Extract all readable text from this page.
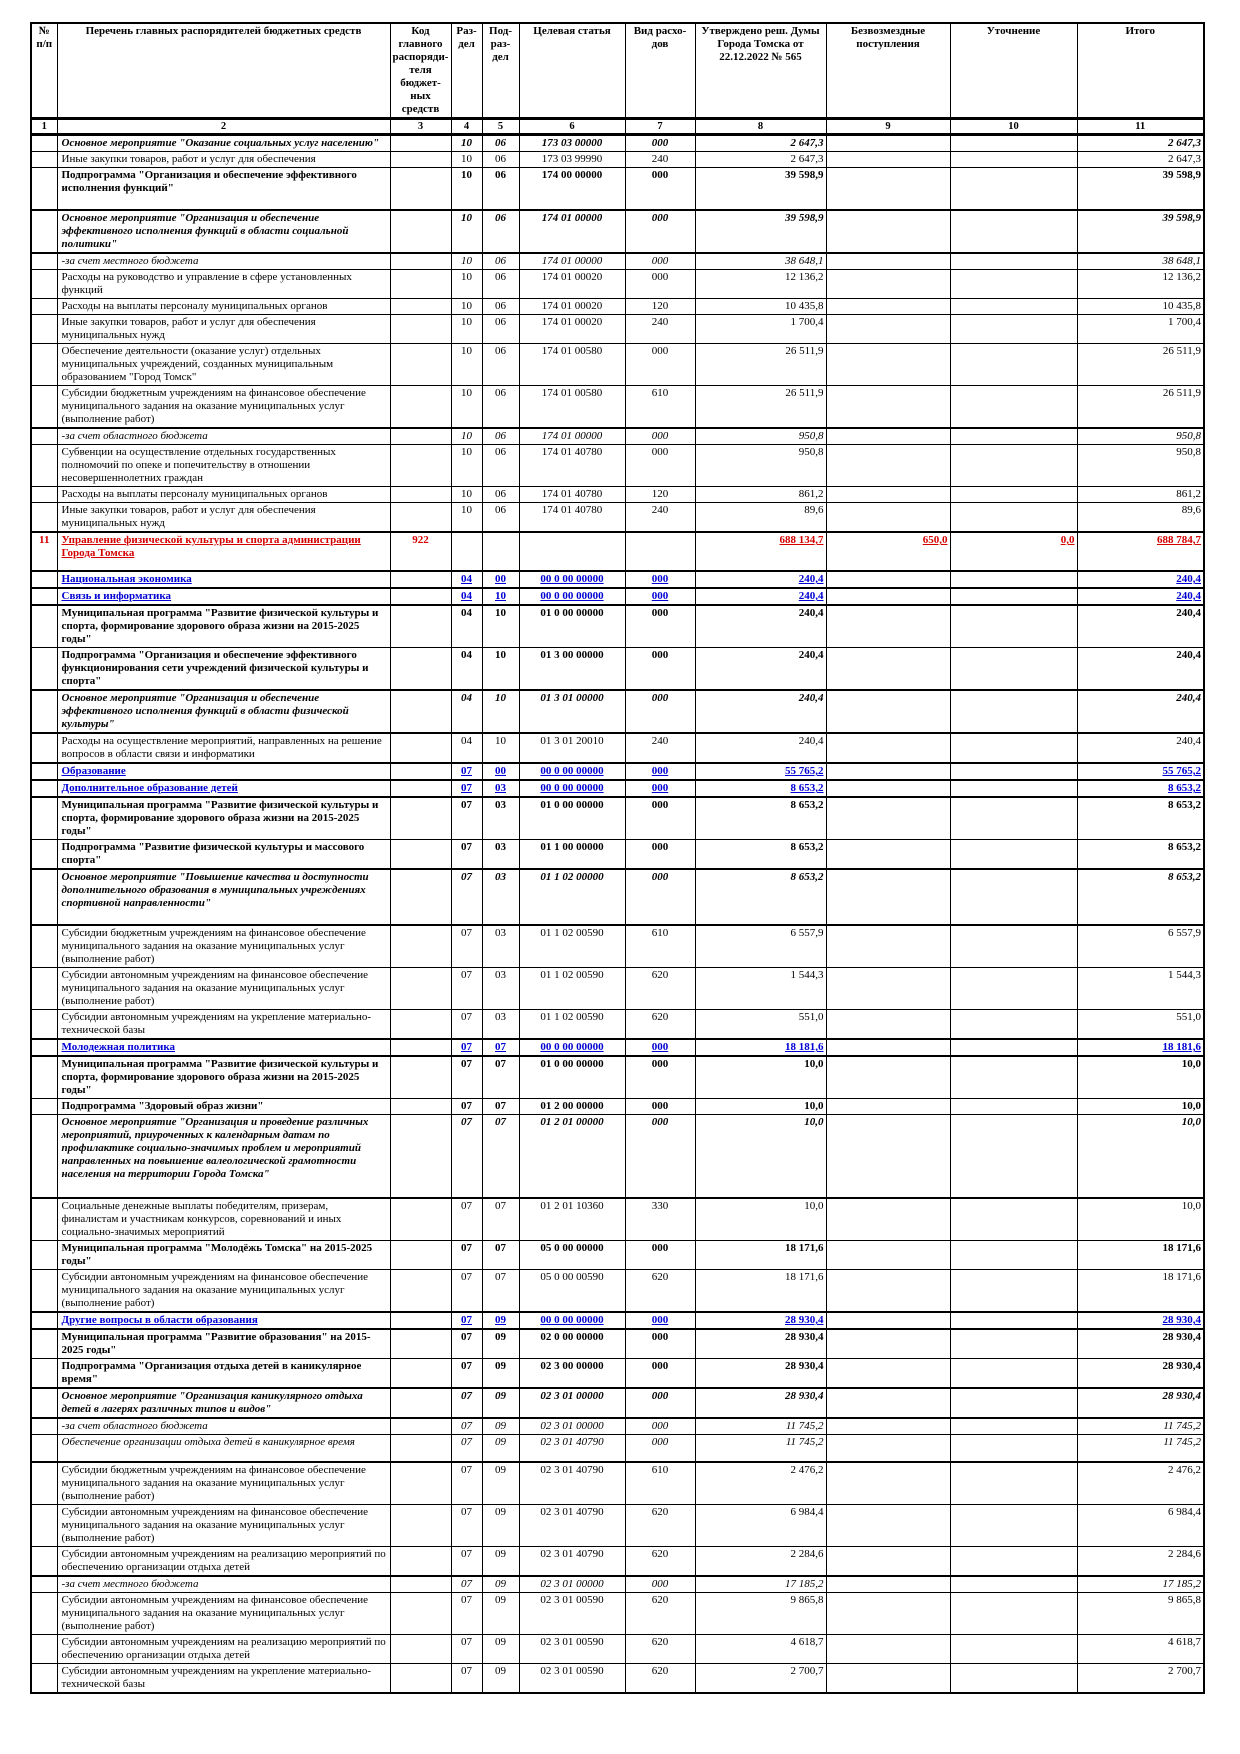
№ п/п	Перечень главных распорядителей бюджетных средств	Код главного распоряди-теля бюджет-ных средств	Раз-дел	Под-раз-дел	Целевая статья	Вид расхо-дов	Утверждено реш. Думы Города Томска от 22.12.2022 № 565	Безвозмездные поступления	Уточнение	Итого
1	2	3	4	5	6	7	8	9	10	11
	Основное мероприятие "Оказание социальных услуг населению"		10	06	173 03 00000	000	2 647,3			2 647,3
	Иные закупки товаров, работ и услуг для обеспечения		10	06	173 03 99990	240	2 647,3			2 647,3
	Подпрограмма "Организация и обеспечение эффективного исполнения функций"		10	06	174 00 00000	000	39 598,9			39 598,9
	Основное мероприятие "Организация и обеспечение эффективного исполнения функций в области социальной политики"		10	06	174 01 00000	000	39 598,9			39 598,9
	-за счет местного бюджета		10	06	174 01 00000	000	38 648,1			38 648,1
	Расходы на руководство и управление в сфере установленных функций		10	06	174 01 00020	000	12 136,2			12 136,2
	Расходы на выплаты персоналу муниципальных органов		10	06	174 01 00020	120	10 435,8			10 435,8
	Иные закупки товаров, работ и услуг для обеспечения муниципальных нужд		10	06	174 01 00020	240	1 700,4			1 700,4
	Обеспечение деятельности (оказание услуг) отдельных муниципальных учреждений, созданных муниципальным образованием "Город Томск"		10	06	174 01 00580	000	26 511,9			26 511,9
	Субсидии бюджетным учреждениям на финансовое обеспечение муниципального задания на оказание муниципальных услуг (выполнение работ)		10	06	174 01 00580	610	26 511,9			26 511,9
	-за счет областного бюджета		10	06	174 01 00000	000	950,8			950,8
	Субвенции на осуществление отдельных государственных полномочий по опеке и попечительству в отношении несовершеннолетних граждан		10	06	174 01 40780	000	950,8			950,8
	Расходы на выплаты персоналу муниципальных органов		10	06	174 01 40780	120	861,2			861,2
	Иные закупки товаров, работ и услуг для обеспечения муниципальных нужд		10	06	174 01 40780	240	89,6			89,6
11	Управление физической культуры и спорта администрации Города Томска	922					688 134,7	650,0	0,0	688 784,7
	Национальная экономика		04	00	00 0 00 00000	000	240,4			240,4
	Связь и информатика		04	10	00 0 00 00000	000	240,4			240,4
	Муниципальная программа "Развитие физической культуры и спорта, формирование здорового образа жизни на 2015-2025 годы"		04	10	01 0 00 00000	000	240,4			240,4
	Подпрограмма "Организация и обеспечение эффективного функционирования сети учреждений физической культуры и спорта"		04	10	01 3 00 00000	000	240,4			240,4
	Основное мероприятие "Организация и обеспечение эффективного исполнения функций в области физической культуры"		04	10	01 3 01 00000	000	240,4			240,4
	Расходы на осуществление мероприятий, направленных на решение вопросов в области связи и информатики		04	10	01 3 01 20010	240	240,4			240,4
	Образование		07	00	00 0 00 00000	000	55 765,2			55 765,2
	Дополнительное образование детей		07	03	00 0 00 00000	000	8 653,2			8 653,2
	Муниципальная программа "Развитие физической культуры и спорта, формирование здорового образа жизни на 2015-2025 годы"		07	03	01 0 00 00000	000	8 653,2			8 653,2
	Подпрограмма "Развитие физической культуры и массового спорта"		07	03	01 1 00 00000	000	8 653,2			8 653,2
	Основное мероприятие "Повышение качества и доступности дополнительного образования в муниципальных учреждениях спортивной направленности"		07	03	01 1 02 00000	000	8 653,2			8 653,2
	Субсидии бюджетным учреждениям на финансовое обеспечение муниципального задания на оказание муниципальных услуг (выполнение работ)		07	03	01 1 02 00590	610	6 557,9			6 557,9
	Субсидии автономным учреждениям на финансовое обеспечение муниципального задания на оказание муниципальных услуг (выполнение работ)		07	03	01 1 02 00590	620	1 544,3			1 544,3
	Субсидии автономным учреждениям на укрепление материально-технической базы		07	03	01 1 02 00590	620	551,0			551,0
	Молодежная политика		07	07	00 0 00 00000	000	18 181,6			18 181,6
	Муниципальная программа "Развитие физической культуры и спорта, формирование здорового образа жизни на 2015-2025 годы"		07	07	01 0 00 00000	000	10,0			10,0
	Подпрограмма "Здоровый образ жизни"		07	07	01 2 00 00000	000	10,0			10,0
	Основное мероприятие "Организация и проведение различных мероприятий, приуроченных к календарным датам по профилактике социально-значимых проблем и мероприятий направленных на повышение валеологической грамотности населения на территории Города Томска"		07	07	01 2 01 00000	000	10,0			10,0
	Социальные денежные выплаты победителям, призерам, финалистам и участникам конкурсов, соревнований и иных социально-значимых мероприятий		07	07	01 2 01 10360	330	10,0			10,0
	Муниципальная программа "Молодёжь Томска" на 2015-2025 годы"		07	07	05 0 00 00000	000	18 171,6			18 171,6
	Субсидии автономным учреждениям на финансовое обеспечение муниципального задания на оказание муниципальных услуг (выполнение работ)		07	07	05 0 00 00590	620	18 171,6			18 171,6
	Другие вопросы в области образования		07	09	00 0 00 00000	000	28 930,4			28 930,4
	Муниципальная программа "Развитие образования" на 2015-2025 годы"		07	09	02 0 00 00000	000	28 930,4			28 930,4
	Подпрограмма "Организация отдыха детей в каникулярное время"		07	09	02 3 00 00000	000	28 930,4			28 930,4
	Основное мероприятие "Организация каникулярного отдыха детей в лагерях различных типов и видов"		07	09	02 3 01 00000	000	28 930,4			28 930,4
	-за счет областного бюджета		07	09	02 3 01 00000	000	11 745,2			11 745,2
	Обеспечение организации отдыха детей в каникулярное время		07	09	02 3 01 40790	000	11 745,2			11 745,2
	Субсидии бюджетным учреждениям на финансовое обеспечение муниципального задания на оказание муниципальных услуг (выполнение работ)		07	09	02 3 01 40790	610	2 476,2			2 476,2
	Субсидии автономным учреждениям на финансовое обеспечение муниципального задания на оказание муниципальных услуг (выполнение работ)		07	09	02 3 01 40790	620	6 984,4			6 984,4
	Субсидии автономным учреждениям на реализацию мероприятий по обеспечению организации отдыха детей		07	09	02 3 01 40790	620	2 284,6			2 284,6
	-за счет местного бюджета		07	09	02 3 01 00000	000	17 185,2			17 185,2
	Субсидии автономным учреждениям на финансовое обеспечение муниципального задания на оказание муниципальных услуг (выполнение работ)		07	09	02 3 01 00590	620	9 865,8			9 865,8
	Субсидии автономным учреждениям на реализацию мероприятий по обеспечению организации отдыха детей		07	09	02 3 01 00590	620	4 618,7			4 618,7
	Субсидии автономным учреждениям на укрепление материально-технической базы		07	09	02 3 01 00590	620	2 700,7			2 700,7
